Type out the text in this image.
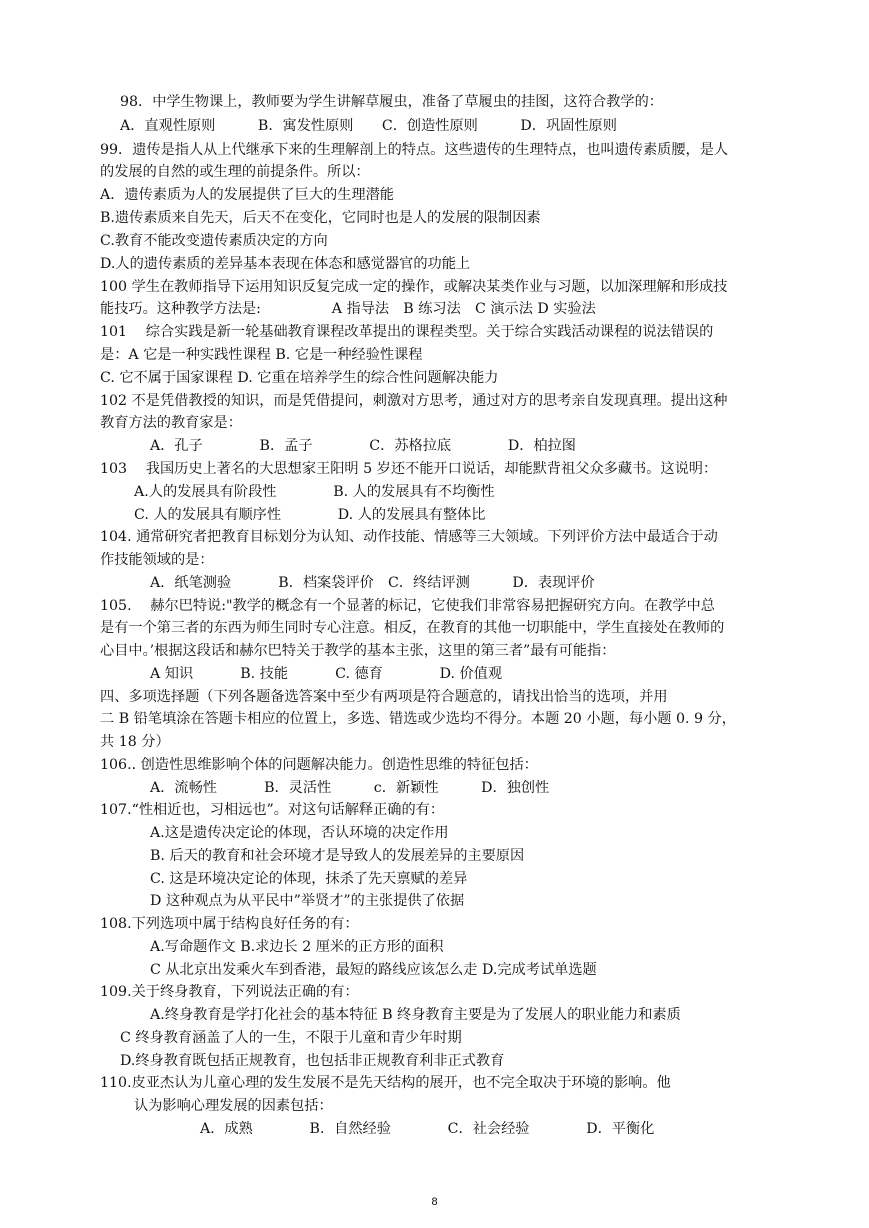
98．中学生物课上，教师要为学生讲解草履虫，准备了草履虫的挂图，这符合教学的：
A．直观性原则　　　B．寓发性原则　　C．创造性原则　　　D．巩固性原则
99．遗传是指人从上代继承下来的生理解剖上的特点。这些遗传的生理特点，也叫遗传素质腰，是人
的发展的自然的或生理的前提条件。所以：
A．遗传素质为人的发展提供了巨大的生理潜能
B.遗传素质来自先天，后天不在变化，它同时也是人的发展的限制因素
C.教育不能改变遗传素质决定的方向
D.人的遗传素质的差异基本表现在体态和感觉器官的功能上
100 学生在教师指导下运用知识反复完成一定的操作，或解决某类作业与习题，以加深理解和形成技
能技巧。这种教学方法是:　　　　　A 指导法　B 练习法　C 演示法 D 实验法
101　 综合实践是新一轮基础教育课程改革提出的课程类型。关于综合实践活动课程的说法错误的
是：A 它是一种实践性课程 B. 它是一种经验性课程
C. 它不属于国家课程 D. 它重在培养学生的综合性问题解决能力
102 不是凭借教授的知识，而是凭借提问，刺激对方思考，通过对方的思考亲自发现真理。提出这种
教育方法的教育家是：
A．孔子　　　　B．孟子　　　　C．苏格拉底　　　　D．柏拉图
103　 我国历史上著名的大思想家王阳明 5 岁还不能开口说话，却能默背祖父众多藏书。这说明：
A.人的发展具有阶段性　　　　B. 人的发展具有不均衡性
C. 人的发展具有顺序性　　　　D. 人的发展具有整体比
104. 通常研究者把教育目标划分为认知、动作技能、情感等三大领域。下列评价方法中最适合于动
作技能领域的是：
A．纸笔测验　　　 B．档案袋评价　C．终结评测　　　D．表现评价
105.　 赫尔巴特说:"教学的概念有一个显著的标记，它使我们非常容易把握研究方向。在教学中总
是有一个第三者的东西为师生同时专心注意。相反，在教育的其他一切职能中，学生直接处在教师的
心目中。’根据这段话和赫尔巴特关于教学的基本主张，这里的第三者”最有可能指：
A 知识　　　 B. 技能　　　 C. 德育　　　　D. 价值观
四、多项选择题（下列各题备选答案中至少有两项是符合题意的，请找出恰当的选项，并用
二 B 铅笔填涂在答题卡相应的位置上，多选、错选或少选均不得分。本题 20 小题，每小题 0. 9 分，
共 18 分）
106.. 创造性思维影响个体的问题解决能力。创造性思维的特征包括：
A．流畅性　　　 B．灵活性　　　c．新颖性　　　D．独创性
107.“性相近也，习相远也”。对这句话解释正确的有：
A.这是遗传决定论的体现，否认环境的决定作用
B. 后天的教育和社会环境才是导致人的发展差异的主要原因
C. 这是环境决定论的体现，抹杀了先天禀赋的差异
D 这种观点为从平民中”举贤才”的主张提供了依据
108.下列选项中属于结构良好任务的有：
A.写命题作文 B.求边长 2 厘米的正方形的面积
C 从北京出发乘火车到香港，最短的路线应该怎么走 D.完成考试单选题
109.关于终身教育，下列说法正确的有：
A.终身教育是学打化社会的基本特征 B 终身教育主要是为了发展人的职业能力和素质
C 终身教育涵盖了人的一生，不限于儿童和青少年时期
D.终身教育既包括正规教育，也包括非正规教育利非正式教育
110.皮亚杰认为儿童心理的发生发展不是先天结构的展开，也不完全取决于环境的影响。他
认为影响心理发展的因素包括：
A．成熟　　　　B．自然经验　　　　C．社会经验　　　　D．平衡化
8
